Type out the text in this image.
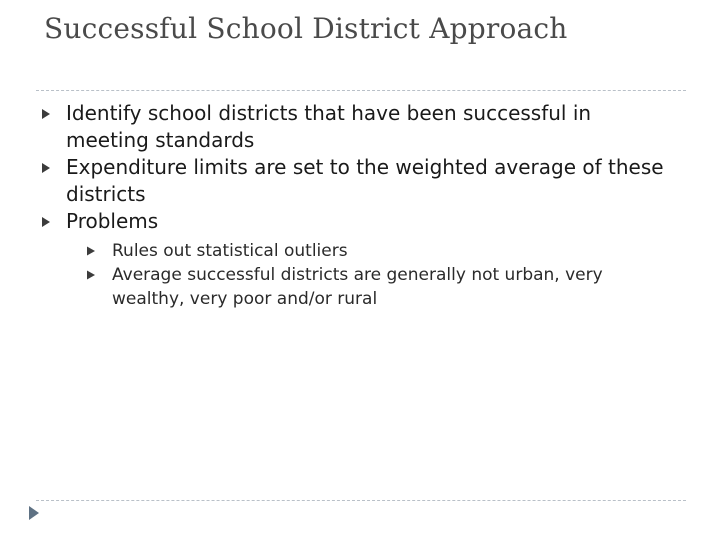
Successful School District Approach
Identify school districts that have been successful in meeting standards
Expenditure limits are set to the weighted average of these districts
Problems
Rules out statistical outliers
Average successful districts are generally not urban, very wealthy, very poor and/or rural
